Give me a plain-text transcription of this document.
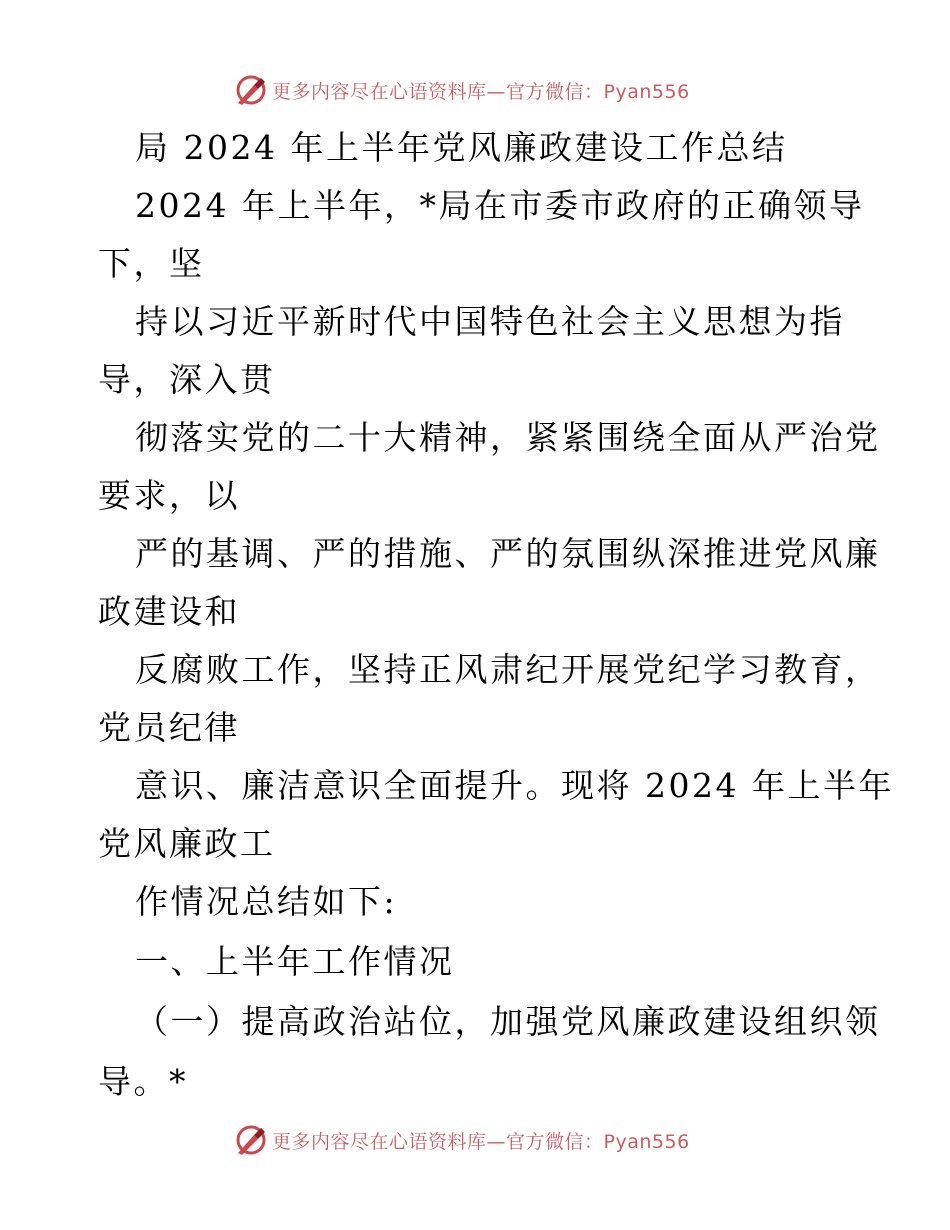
更多内容尽在心语资料库—官方微信：Pyan556

局 2024 年上半年党风廉政建设工作总结

2024 年上半年，*局在市委市政府的正确领导

下，坚

持以习近平新时代中国特色社会主义思想为指

导，深入贯

彻落实党的二十大精神，紧紧围绕全面从严治党

要求，以

严的基调、严的措施、严的氛围纵深推进党风廉

政建设和

反腐败工作，坚持正风肃纪开展党纪学习教育，

党员纪律

意识、廉洁意识全面提升。现将 2024 年上半年

党风廉政工

作情况总结如下:

一、上半年工作情况

（一）提高政治站位，加强党风廉政建设组织领

导。*

更多内容尽在心语资料库—官方微信：Pyan556
